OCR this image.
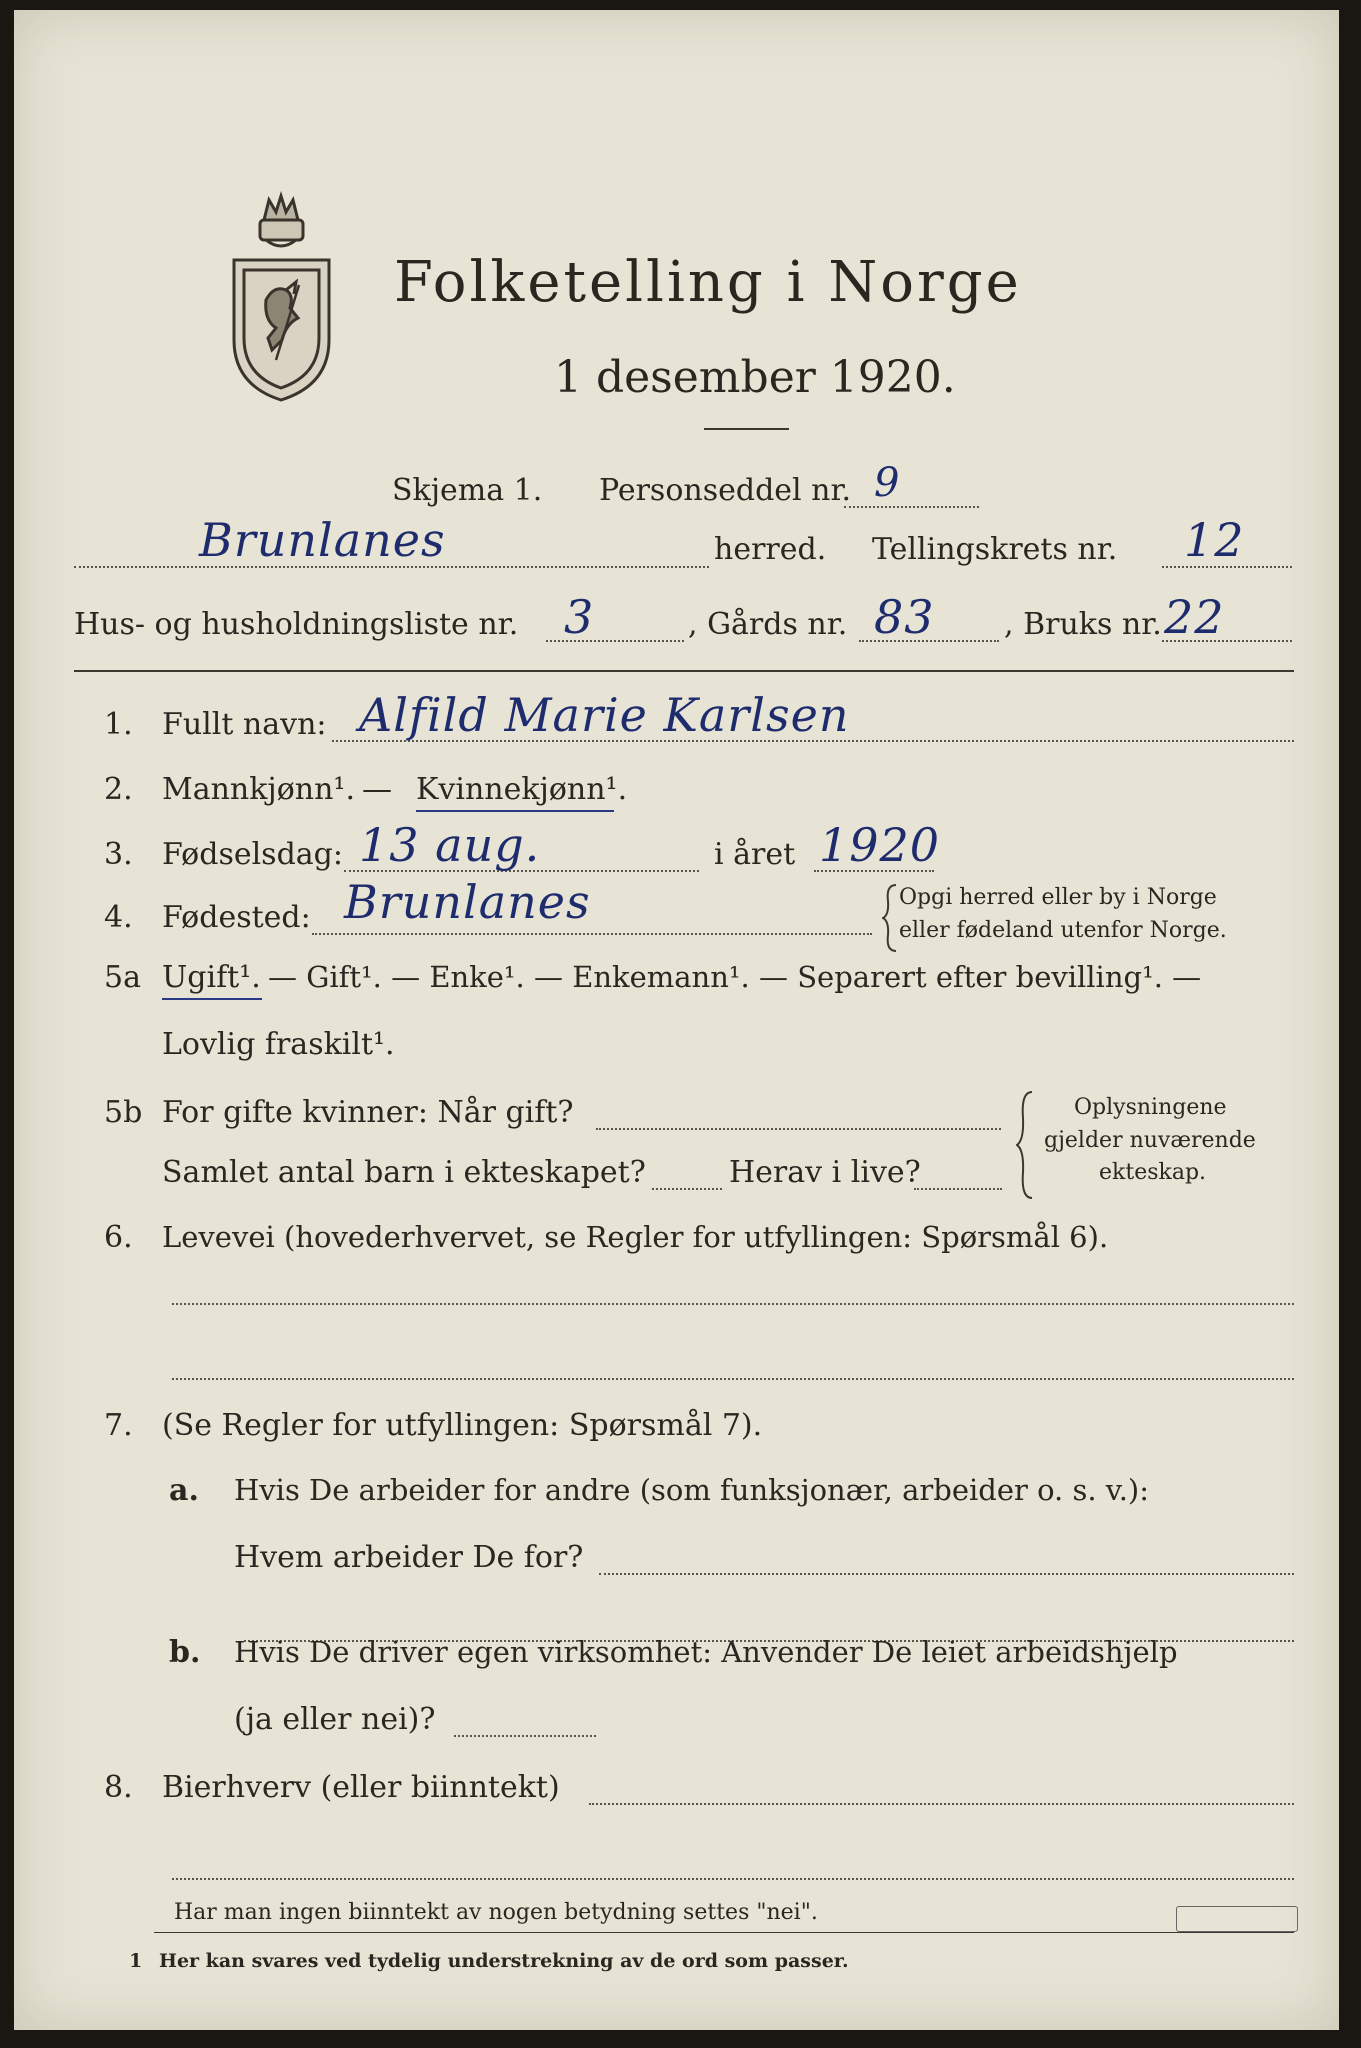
Folketelling i Norge
1 desember 1920.
Skjema 1. Personseddel nr. 9
Brunlanes	herred. Tellingskrets nr. 12
Hus- og husholdningsliste nr. 3	, Gårds nr. 83 , Bruks nr. 22
1. Fullt navn: Alfild Marie Karlsen
2. Mannkjønn¹. — Kvinnekjønn¹.
3. Fødselsdag: 13 aug.	i året 1920
4. Fødested: Brunlanes	Opgi herred eller by i Norge
eller fødeland utenfor Norge.
5a Ugift¹. — Gift¹. — Enke¹. — Enkemann¹. — Separert efter bevilling¹. —
Lovlig fraskilt¹.
5b For gifte kvinner: Når gift?
Samlet antal barn i ekteskapet?	Herav i live?
Oplysningene
gjelder nuværende
ekteskap.
6. Levevei (hovederhvervet, se Regler for utfyllingen: Spørsmål 6).
7. (Se Regler for utfyllingen: Spørsmål 7).
a. Hvis De arbeider for andre (som funksjonær, arbeider o. s. v.):
Hvem arbeider De for?
b. Hvis De driver egen virksomhet: Anvender De leiet arbeidshjelp
(ja eller nei)?
8. Bierhverv (eller biinntekt)
Har man ingen biinntekt av nogen betydning settes "nei".
1 Her kan svares ved tydelig understrekning av de ord som passer.
